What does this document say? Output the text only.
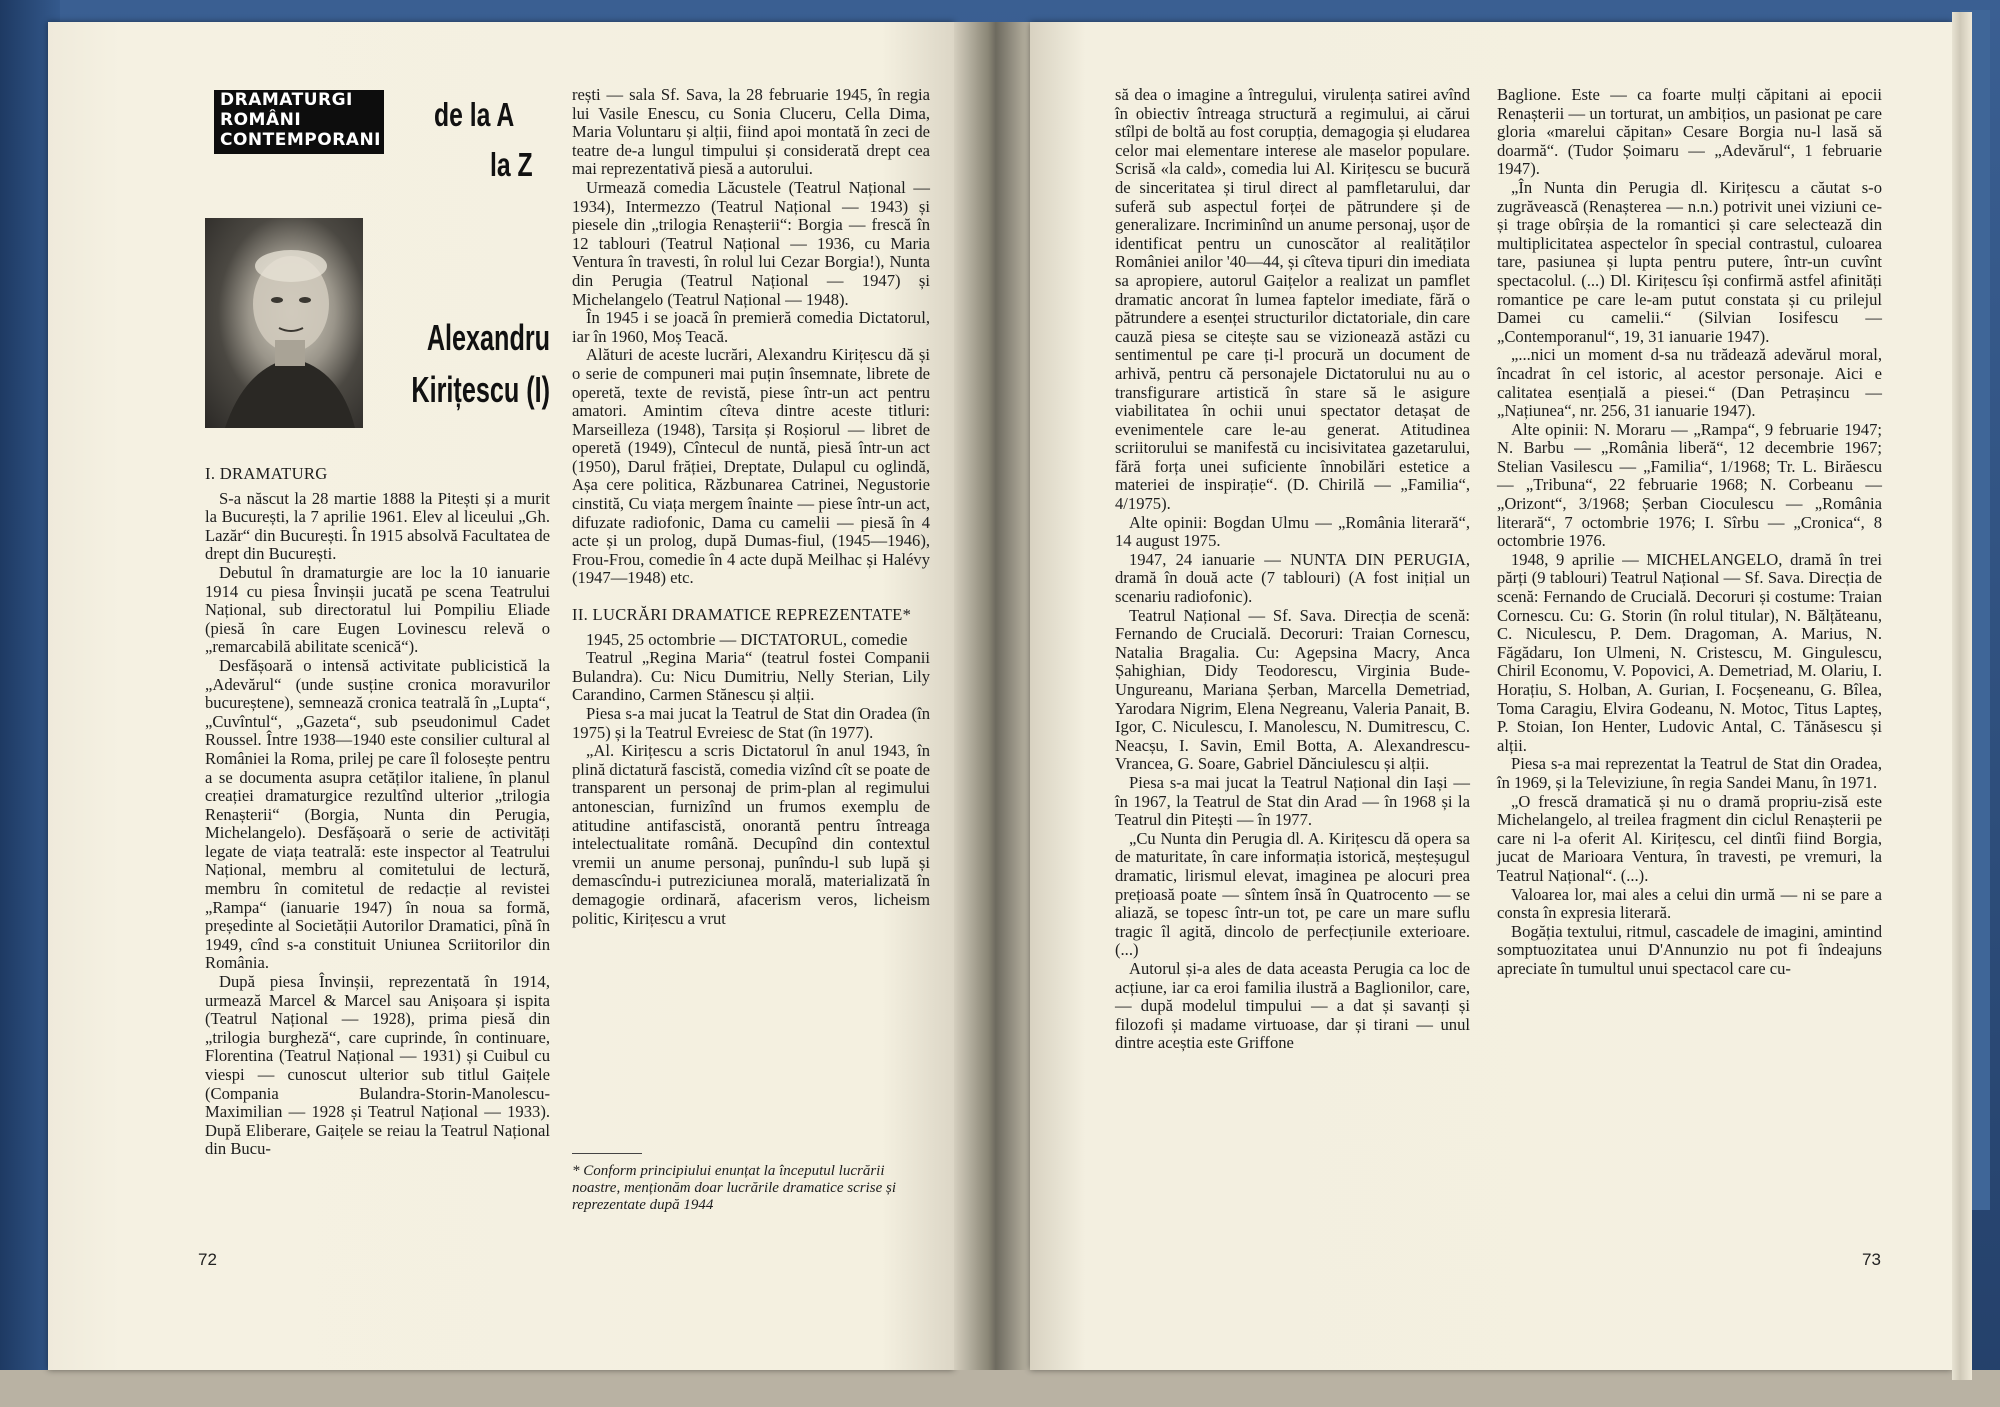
DRAMATURGI
ROMÂNI
CONTEMPORANI
de la A
la Z
Alexandru
Kirițescu (I)
I. DRAMATURG

S-a născut la 28 martie 1888 la Pitești și a murit la București, la 7 aprilie 1961. Elev al liceului „Gh. Lazăr“ din București. În 1915 absolvă Facultatea de drept din București.

Debutul în dramaturgie are loc la 10 ianuarie 1914 cu piesa Învinșii jucată pe scena Teatrului Național, sub directoratul lui Pompiliu Eliade (piesă în care Eugen Lovinescu relevă o „remarcabilă abilitate scenică“).

Desfășoară o intensă activitate publicistică la „Adevărul“ (unde susține cronica moravurilor bucureștene), semnează cronica teatrală în „Lupta“, „Cuvîntul“, „Gazeta“, sub pseudonimul Cadet Roussel. Între 1938—1940 este consilier cultural al României la Roma, prilej pe care îl folosește pentru a se documenta asupra cetăților italiene, în planul creației dramaturgice rezultînd ulterior „trilogia Renașterii“ (Borgia, Nunta din Perugia, Michelangelo). Desfășoară o serie de activități legate de viața teatrală: este inspector al Teatrului Național, membru al comitetului de lectură, membru în comitetul de redacție al revistei „Rampa“ (ianuarie 1947) în noua sa formă, președinte al Societății Autorilor Dramatici, pînă în 1949, cînd s-a constituit Uniunea Scriitorilor din România.

După piesa Învinșii, reprezentată în 1914, urmează Marcel & Marcel sau Anișoara și ispita (Teatrul Național — 1928), prima piesă din „trilogia burgheză“, care cuprinde, în continuare, Florentina (Teatrul Național — 1931) și Cuibul cu viespi — cunoscut ulterior sub titlul Gaițele (Compania Bulandra-Storin-Manolescu-Maximilian — 1928 și Teatrul Național — 1933). După Eliberare, Gaițele se reiau la Teatrul Național din Bucu-

rești — sala Sf. Sava, la 28 februarie 1945, în regia lui Vasile Enescu, cu Sonia Cluceru, Cella Dima, Maria Voluntaru și alții, fiind apoi montată în zeci de teatre de-a lungul timpului și considerată drept cea mai reprezentativă piesă a autorului.

Urmează comedia Lăcustele (Teatrul Național — 1934), Intermezzo (Teatrul Național — 1943) și piesele din „trilogia Renașterii“: Borgia — frescă în 12 tablouri (Teatrul Național — 1936, cu Maria Ventura în travesti, în rolul lui Cezar Borgia!), Nunta din Perugia (Teatrul Național — 1947) și Michelangelo (Teatrul Național — 1948).

În 1945 i se joacă în premieră comedia Dictatorul, iar în 1960, Moș Teacă.

Alături de aceste lucrări, Alexandru Kirițescu dă și o serie de compuneri mai puțin însemnate, librete de operetă, texte de revistă, piese într-un act pentru amatori. Amintim cîteva dintre aceste titluri: Marseilleza (1948), Tarsița și Roșiorul — libret de operetă (1949), Cîntecul de nuntă, piesă într-un act (1950), Darul frăției, Dreptate, Dulapul cu oglindă, Așa cere politica, Răzbunarea Catrinei, Negustorie cinstită, Cu viața mergem înainte — piese într-un act, difuzate radiofonic, Dama cu camelii — piesă în 4 acte și un prolog, după Dumas-fiul, (1945—1946), Frou-Frou, comedie în 4 acte după Meilhac și Halévy (1947—1948) etc.

II. LUCRĂRI DRAMATICE REPREZENTATE*

1945, 25 octombrie — DICTATORUL, comedie

Teatrul „Regina Maria“ (teatrul fostei Companii Bulandra). Cu: Nicu Dumitriu, Nelly Sterian, Lily Carandino, Carmen Stănescu și alții.

Piesa s-a mai jucat la Teatrul de Stat din Oradea (în 1975) și la Teatrul Evreiesc de Stat (în 1977).

„Al. Kirițescu a scris Dictatorul în anul 1943, în plină dictatură fascistă, comedia vizînd cît se poate de transparent un personaj de prim-plan al regimului antonescian, furnizînd un frumos exemplu de atitudine antifascistă, onorantă pentru întreaga intelectualitate română. Decupînd din contextul vremii un anume personaj, punîndu-l sub lupă și demascîndu-i putreziciunea morală, materializată în demagogie ordinară, afacerism veros, licheism politic, Kirițescu a vrut

* Conform principiului enunțat la începutul lucrării noastre, menționăm doar lucrările dramatice scrise și reprezentate după 1944
72

să dea o imagine a întregului, virulența satirei avînd în obiectiv întreaga structură a regimului, ai cărui stîlpi de boltă au fost corupția, demagogia și eludarea celor mai elementare interese ale maselor populare. Scrisă «la cald», comedia lui Al. Kirițescu se bucură de sinceritatea și tirul direct al pamfletarului, dar suferă sub aspectul forței de pătrundere și de generalizare. Incriminînd un anume personaj, ușor de identificat pentru un cunoscător al realităților României anilor '40—44, și cîteva tipuri din imediata sa apropiere, autorul Gaițelor a realizat un pamflet dramatic ancorat în lumea faptelor imediate, fără o pătrundere a esenței structurilor dictatoriale, din care cauză piesa se citește sau se vizionează astăzi cu sentimentul pe care ți-l procură un document de arhivă, pentru că personajele Dictatorului nu au o transfigurare artistică în stare să le asigure viabilitatea în ochii unui spectator detașat de evenimentele care le-au generat. Atitudinea scriitorului se manifestă cu incisivitatea gazetarului, fără forța unei suficiente înnobilări estetice a materiei de inspirație“. (D. Chirilă — „Familia“, 4/1975).

Alte opinii: Bogdan Ulmu — „România literară“, 14 august 1975.

1947, 24 ianuarie — NUNTA DIN PERUGIA, dramă în două acte (7 tablouri) (A fost inițial un scenariu radiofonic).

Teatrul Național — Sf. Sava. Direcția de scenă: Fernando de Crucială. Decoruri: Traian Cornescu, Natalia Bragalia. Cu: Agepsina Macry, Anca Șahighian, Didy Teodorescu, Virginia Bude-Ungureanu, Mariana Șerban, Marcella Demetriad, Yarodara Nigrim, Elena Negreanu, Valeria Panait, B. Igor, C. Niculescu, I. Manolescu, N. Dumitrescu, C. Neacșu, I. Savin, Emil Botta, A. Alexandrescu-Vrancea, G. Soare, Gabriel Dănciulescu și alții.

Piesa s-a mai jucat la Teatrul Național din Iași — în 1967, la Teatrul de Stat din Arad — în 1968 și la Teatrul din Pitești — în 1977.

„Cu Nunta din Perugia dl. A. Kirițescu dă opera sa de maturitate, în care informația istorică, meșteșugul dramatic, lirismul elevat, imaginea pe alocuri prea prețioasă poate — sîntem însă în Quatrocento — se aliază, se topesc într-un tot, pe care un mare suflu tragic îl agită, dincolo de perfecțiunile exterioare. (...)

Autorul și-a ales de data aceasta Perugia ca loc de acțiune, iar ca eroi familia ilustră a Baglionilor, care, — după modelul timpului — a dat și savanți și filozofi și madame virtuoase, dar și tirani — unul dintre aceștia este Griffone

Baglione. Este — ca foarte mulți căpitani ai epocii Renașterii — un torturat, un ambițios, un pasionat pe care gloria «marelui căpitan» Cesare Borgia nu-l lasă să doarmă“. (Tudor Șoimaru — „Adevărul“, 1 februarie 1947).

„În Nunta din Perugia dl. Kirițescu a căutat s-o zugrăvească (Renașterea — n.n.) potrivit unei viziuni ce-și trage obîrșia de la romantici și care selectează din multiplicitatea aspectelor în special contrastul, culoarea tare, pasiunea și lupta pentru putere, într-un cuvînt spectacolul. (...) Dl. Kirițescu își confirmă astfel afinități romantice pe care le-am putut constata și cu prilejul Damei cu camelii.“ (Silvian Iosifescu — „Contemporanul“, 19, 31 ianuarie 1947).

„...nici un moment d-sa nu trădează adevărul moral, încadrat în cel istoric, al acestor personaje. Aici e calitatea esențială a piesei.“ (Dan Petrașincu — „Națiunea“, nr. 256, 31 ianuarie 1947).

Alte opinii: N. Moraru — „Rampa“, 9 februarie 1947; N. Barbu — „România liberă“, 12 decembrie 1967; Stelian Vasilescu — „Familia“, 1/1968; Tr. L. Birăescu — „Tribuna“, 22 februarie 1968; N. Corbeanu — „Orizont“, 3/1968; Șerban Cioculescu — „România literară“, 7 octombrie 1976; I. Sîrbu — „Cronica“, 8 octombrie 1976.

1948, 9 aprilie — MICHELANGELO, dramă în trei părți (9 tablouri) Teatrul Național — Sf. Sava. Direcția de scenă: Fernando de Crucială. Decoruri și costume: Traian Cornescu. Cu: G. Storin (în rolul titular), N. Bălțăteanu, C. Niculescu, P. Dem. Dragoman, A. Marius, N. Făgădaru, Ion Ulmeni, N. Cristescu, M. Gingulescu, Chiril Economu, V. Popovici, A. Demetriad, M. Olariu, I. Horațiu, S. Holban, A. Gurian, I. Focșeneanu, G. Bîlea, Toma Caragiu, Elvira Godeanu, N. Motoc, Titus Lapteș, P. Stoian, Ion Henter, Ludovic Antal, C. Tănăsescu și alții.

Piesa s-a mai reprezentat la Teatrul de Stat din Oradea, în 1969, și la Televiziune, în regia Sandei Manu, în 1971.

„O frescă dramatică și nu o dramă propriu-zisă este Michelangelo, al treilea fragment din ciclul Renașterii pe care ni l-a oferit Al. Kirițescu, cel dintîi fiind Borgia, jucat de Marioara Ventura, în travesti, pe vremuri, la Teatrul Național“. (...).

Valoarea lor, mai ales a celui din urmă — ni se pare a consta în expresia literară.

Bogăția textului, ritmul, cascadele de imagini, amintind somptuozitatea unui D'Annunzio nu pot fi îndeajuns apreciate în tumultul unui spectacol care cu-

73
